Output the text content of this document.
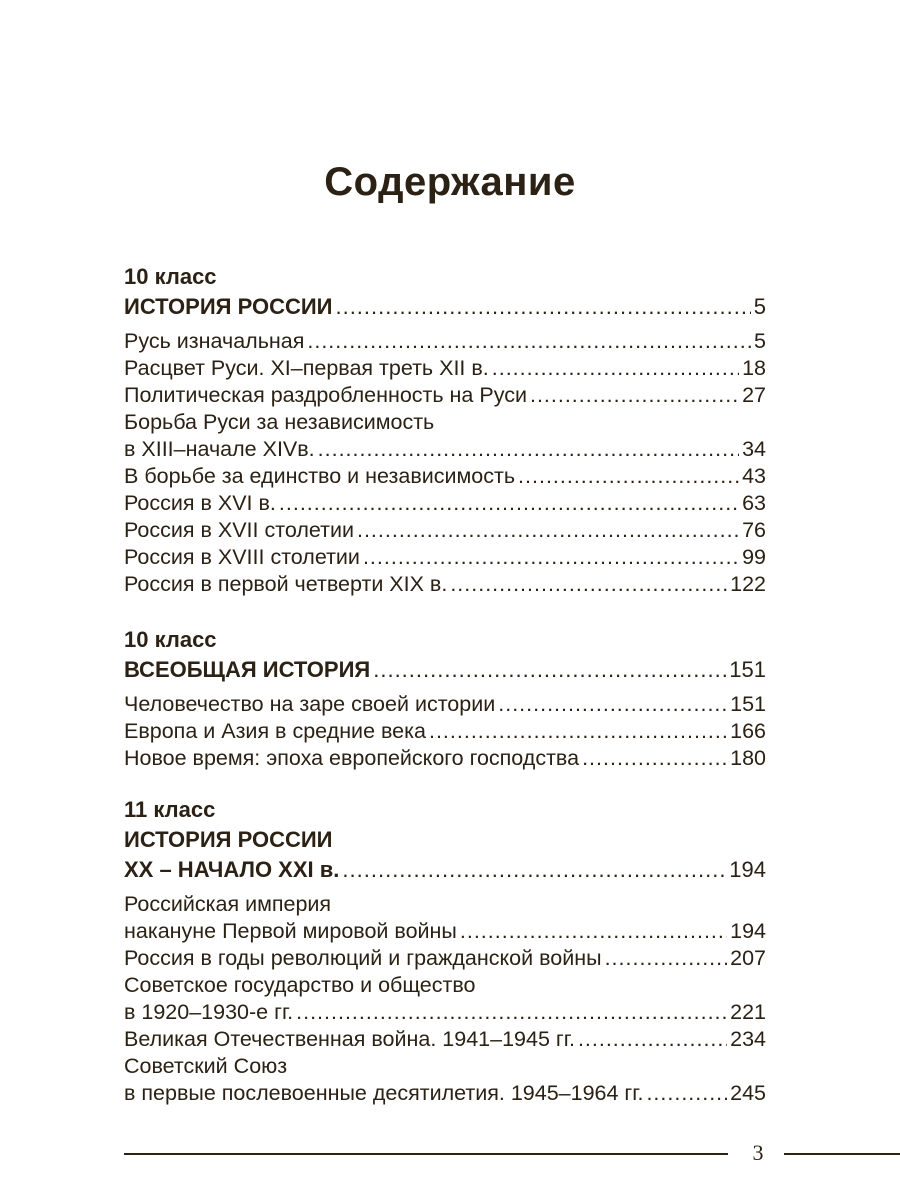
Содержание
10 класс
ИСТОРИЯ РОССИИ .....	5
Русь изначальная .....	5
Расцвет Руси. XI–первая треть XII в. .....	18
Политическая раздробленность на Руси .....	27
Борьба Руси за независимость
в XIII–начале XIVв. .....	34
В борьбе за единство и независимость .....	43
Россия в XVI в. .....	63
Россия в XVII столетии .....	76
Россия в XVIII столетии .....	99
Россия в первой четверти XIX в. .....	122
10 класс
ВСЕОБЩАЯ ИСТОРИЯ .....	151
Человечество на заре своей истории .....	151
Европа и Азия в средние века .....	166
Новое время: эпоха европейского господства .....	180
11 класс
ИСТОРИЯ РОССИИ
XX – НАЧАЛО XXI в. .....	194
Российская империя
накануне Первой мировой войны .....	194
Россия в годы революций и гражданской войны .....	207
Советское государство и общество
в 1920–1930-е гг. .....	221
Великая Отечественная война. 1941–1945 гг. .....	234
Советский Союз
в первые послевоенные десятилетия. 1945–1964 гг. .....	245
3
